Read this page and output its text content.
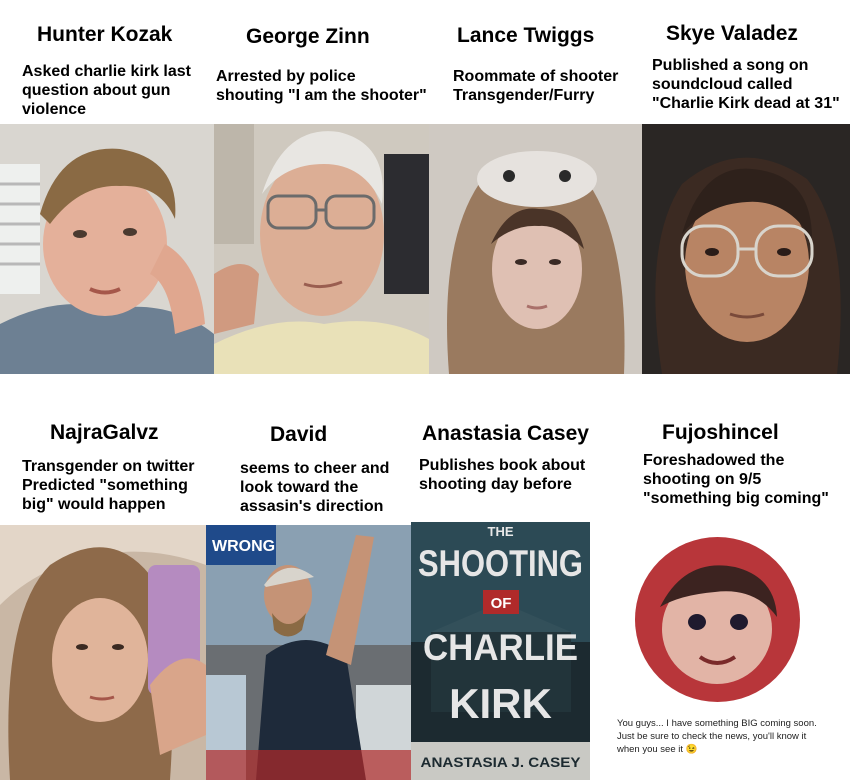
Hunter Kozak
Asked charlie kirk last
question about gun
violence
George Zinn
Arrested by police
shouting "I am the shooter"
Lance Twiggs
Roommate of shooter
Transgender/Furry
Skye Valadez
Published a song on
soundcloud called
"Charlie Kirk dead at 31"
NajraGalvz
Transgender on twitter
Predicted "something
big" would happen
David
seems to cheer and
look toward the
assasin's direction
WRONG
Anastasia Casey
Publishes book about
shooting day before
THE
SHOOTING
OF
CHARLIE
KIRK
ANASTASIA J. CASEY
Fujoshincel
Foreshadowed the
shooting on 9/5
"something big coming"
You guys... I have something BIG coming soon.
Just be sure to check the news, you'll know it
when you see it 😉
